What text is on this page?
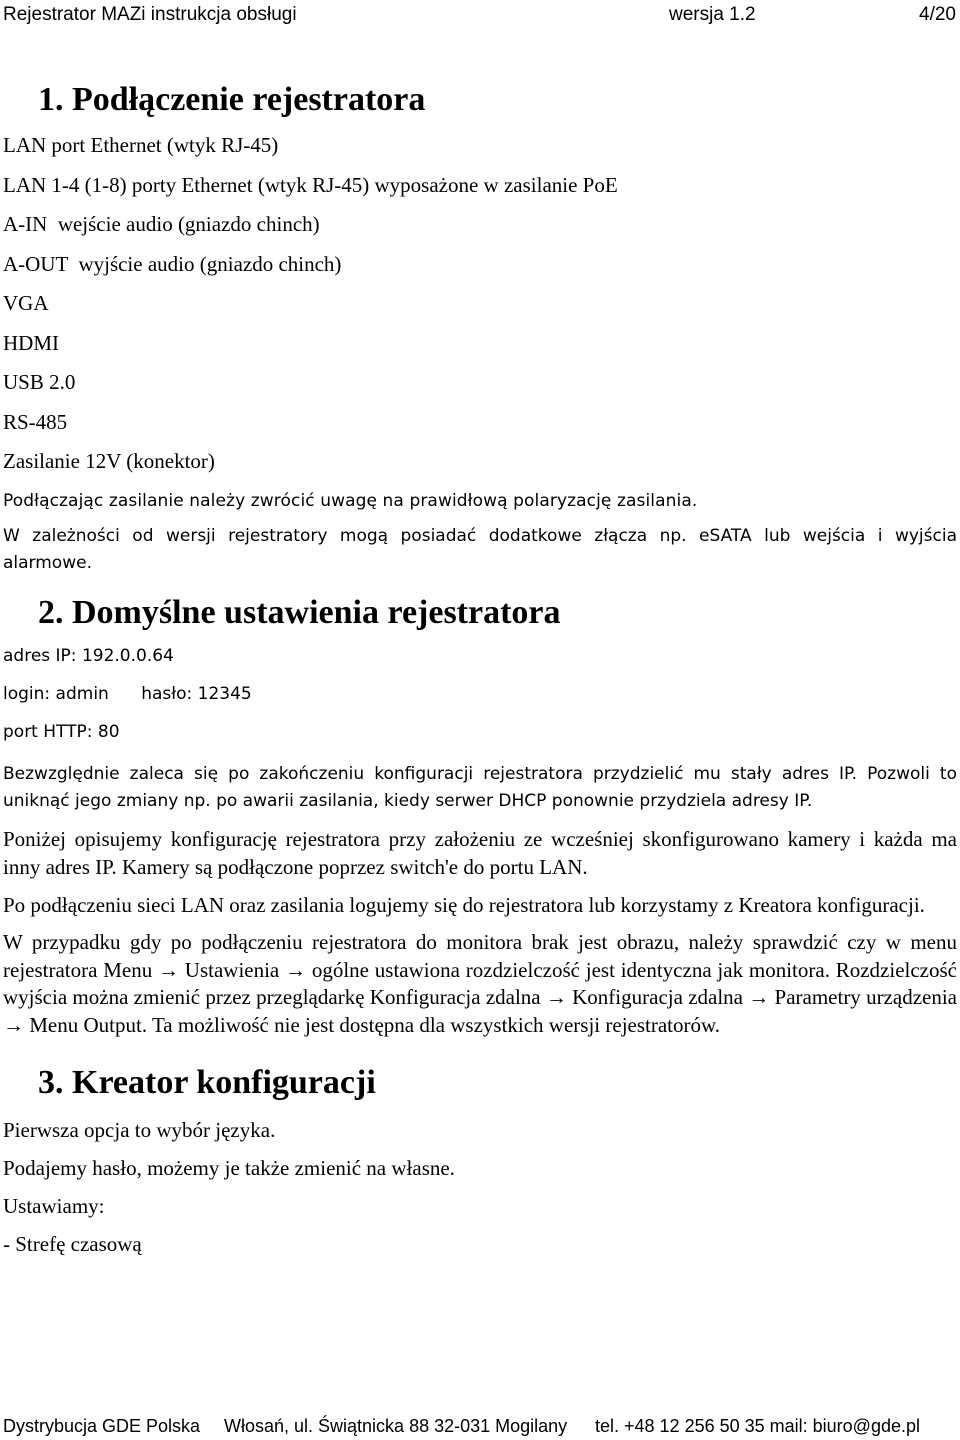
Rejestrator MAZi instrukcja obsługi	wersja 1.2	4/20
1. Podłączenie rejestratora
LAN port Ethernet (wtyk RJ-45)
LAN 1-4 (1-8) porty Ethernet (wtyk RJ-45) wyposażone w zasilanie PoE
A-IN  wejście audio (gniazdo chinch)
A-OUT  wyjście audio (gniazdo chinch)
VGA
HDMI
USB 2.0
RS-485
Zasilanie 12V (konektor)
Podłączając zasilanie należy zwrócić uwagę na prawidłową polaryzację zasilania.

W zależności od wersji rejestratory mogą posiadać dodatkowe złącza np. eSATA lub wejścia i wyjścia alarmowe.

2. Domyślne ustawienia rejestratora
adres IP: 192.0.0.64
login: admin      hasło: 12345
port HTTP: 80

Bezwzględnie zaleca się po zakończeniu konfiguracji rejestratora przydzielić mu stały adres IP. Pozwoli to uniknąć jego zmiany np. po awarii zasilania, kiedy serwer DHCP ponownie przydziela adresy IP.

Poniżej opisujemy konfigurację rejestratora przy założeniu ze wcześniej skonfigurowano kamery i każda ma inny adres IP. Kamery są podłączone poprzez switch'e do portu LAN.

Po podłączeniu sieci LAN oraz zasilania logujemy się do rejestratora lub korzystamy z Kreatora konfiguracji.

W przypadku gdy po podłączeniu rejestratora do monitora brak jest obrazu, należy sprawdzić czy w menu rejestratora Menu → Ustawienia → ogólne ustawiona rozdzielczość jest identyczna jak monitora. Rozdzielczość wyjścia można zmienić przez przeglądarkę Konfiguracja zdalna → Konfiguracja zdalna → Parametry urządzenia → Menu Output. Ta możliwość nie jest dostępna dla wszystkich wersji rejestratorów.

3. Kreator konfiguracji
Pierwsza opcja to wybór języka.
Podajemy hasło, możemy je także zmienić na własne.
Ustawiamy:
- Strefę czasową
Dystrybucja GDE Polska Włosań, ul. Świątnicka 88 32-031 Mogilany tel. +48 12 256 50 35 mail: biuro@gde.pl
